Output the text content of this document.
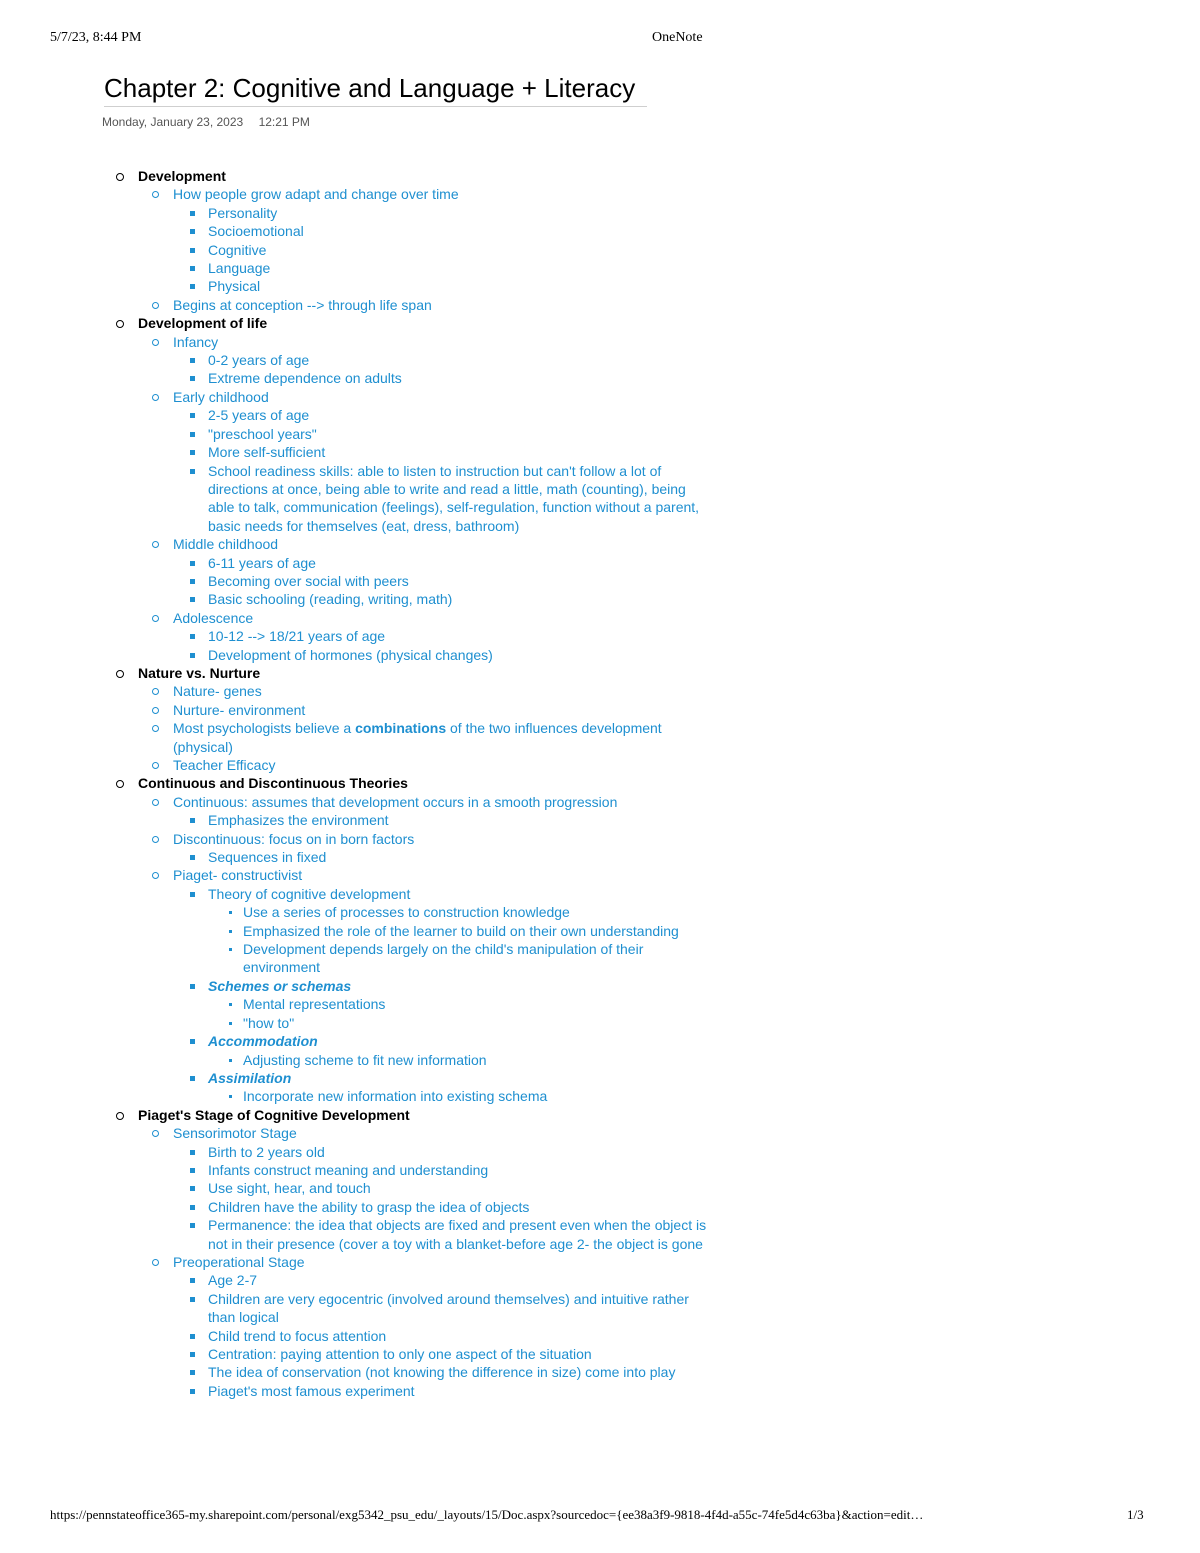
5/7/23, 8:44 PM	OneNote
Chapter 2: Cognitive and Language + Literacy
Monday, January 23, 2023 12:21 PM
Development
How people grow adapt and change over time
Personality
Socioemotional
Cognitive
Language
Physical
Begins at conception --> through life span
Development of life
Infancy
0-2 years of age
Extreme dependence on adults
Early childhood
2-5 years of age
"preschool years"
More self-sufficient
School readiness skills: able to listen to instruction but can't follow a lot of directions at once, being able to write and read a little, math (counting), being able to talk, communication (feelings), self-regulation, function without a parent, basic needs for themselves (eat, dress, bathroom)
Middle childhood
6-11 years of age
Becoming over social with peers
Basic schooling (reading, writing, math)
Adolescence
10-12 --> 18/21 years of age
Development of hormones (physical changes)
Nature vs. Nurture
Nature- genes
Nurture- environment
Most psychologists believe a combinations of the two influences development (physical)
Teacher Efficacy
Continuous and Discontinuous Theories
Continuous: assumes that development occurs in a smooth progression
Emphasizes the environment
Discontinuous: focus on in born factors
Sequences in fixed
Piaget- constructivist
Theory of cognitive development
Use a series of processes to construction knowledge
Emphasized the role of the learner to build on their own understanding
Development depends largely on the child's manipulation of their environment
Schemes or schemas
Mental representations
"how to"
Accommodation
Adjusting scheme to fit new information
Assimilation
Incorporate new information into existing schema
Piaget's Stage of Cognitive Development
Sensorimotor Stage
Birth to 2 years old
Infants construct meaning and understanding
Use sight, hear, and touch
Children have the ability to grasp the idea of objects
Permanence: the idea that objects are fixed and present even when the object is not in their presence (cover a toy with a blanket-before age 2- the object is gone
Preoperational Stage
Age 2-7
Children are very egocentric (involved around themselves) and intuitive rather than logical
Child trend to focus attention
Centration: paying attention to only one aspect of the situation
The idea of conservation (not knowing the difference in size) come into play
Piaget's most famous experiment
https://pennstateoffice365-my.sharepoint.com/personal/exg5342_psu_edu/_layouts/15/Doc.aspx?sourcedoc={ee38a3f9-9818-4f4d-a55c-74fe5d4c63ba}&action=edit…	1/3
